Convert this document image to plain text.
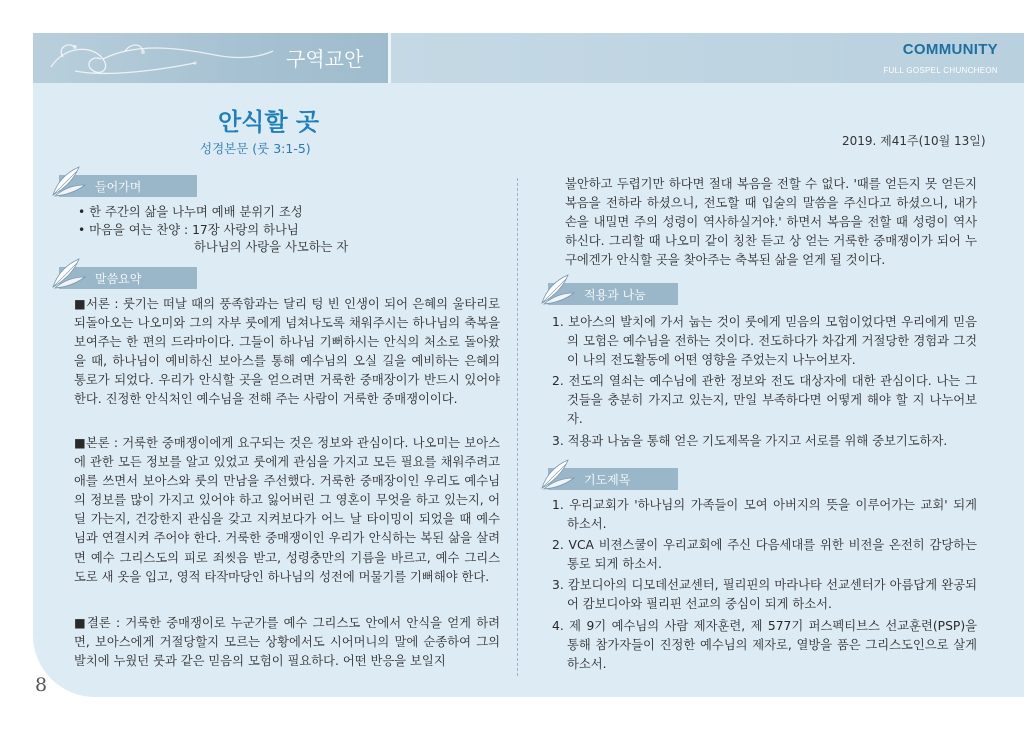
구역교안	COMMUNITY
FULL GOSPEL CHUNCHEON
안식할 곳
성경본문 (룻 3:1-5)	2019. 제41주(10월 13일)
들어가며

• 한 주간의 삶을 나누며 예배 분위기 조성

• 마음을 여는 찬양 : 17장 사랑의 하나님

하나님의 사랑을 사모하는 자

말씀요약

■서론 : 룻기는 떠날 때의 풍족함과는 달리 텅 빈 인생이 되어 은혜의 울타리로 되돌아오는 나오미와 그의 자부 룻에게 넘쳐나도록 채워주시는 하나님의 축복을 보여주는 한 편의 드라마이다. 그들이 하나님 기뻐하시는 안식의 처소로 돌아왔을 때, 하나님이 예비하신 보아스를 통해 예수님의 오실 길을 예비하는 은혜의 통로가 되었다. 우리가 안식할 곳을 얻으려면 거룩한 중매장이가 반드시 있어야 한다. 진정한 안식처인 예수님을 전해 주는 사람이 거룩한 중매쟁이이다.

■본론 : 거룩한 중매쟁이에게 요구되는 것은 정보와 관심이다. 나오미는 보아스에 관한 모든 정보를 알고 있었고 룻에게 관심을 가지고 모든 필요를 채워주려고 애를 쓰면서 보아스와 룻의 만남을 주선했다. 거룩한 중매장이인 우리도 예수님의 정보를 많이 가지고 있어야 하고 잃어버린 그 영혼이 무엇을 하고 있는지, 어딜 가는지, 건강한지 관심을 갖고 지켜보다가 어느 날 타이밍이 되었을 때 예수님과 연결시켜 주어야 한다. 거룩한 중매쟁이인 우리가 안식하는 복된 삶을 살려면 예수 그리스도의 피로 죄씻음 받고, 성령충만의 기름을 바르고, 예수 그리스도로 새 옷을 입고, 영적 타작마당인 하나님의 성전에 머물기를 기뻐해야 한다.

■결론 : 거룩한 중매쟁이로 누군가를 예수 그리스도 안에서 안식을 얻게 하려면, 보아스에게 거절당할지 모르는 상황에서도 시어머니의 말에 순종하여 그의 발치에 누웠던 룻과 같은 믿음의 모험이 필요하다. 어떤 반응을 보일지

불안하고 두렵기만 하다면 절대 복음을 전할 수 없다. '때를 얻든지 못 얻든지 복음을 전하라 하셨으니, 전도할 때 입술의 말씀을 주신다고 하셨으니, 내가 손을 내밀면 주의 성령이 역사하실거야.' 하면서 복음을 전할 때 성령이 역사하신다. 그리할 때 나오미 같이 칭찬 듣고 상 얻는 거룩한 중매쟁이가 되어 누구에겐가 안식할 곳을 찾아주는 축복된 삶을 얻게 될 것이다.

적용과 나눔

1. 보아스의 발치에 가서 눕는 것이 룻에게 믿음의 모험이었다면 우리에게 믿음의 모험은 예수님을 전하는 것이다. 전도하다가 차갑게 거절당한 경험과 그것이 나의 전도활동에 어떤 영향을 주었는지 나누어보자.

2. 전도의 열쇠는 예수님에 관한 정보와 전도 대상자에 대한 관심이다. 나는 그것들을 충분히 가지고 있는지, 만일 부족하다면 어떻게 해야 할 지 나누어보자.

3. 적용과 나눔을 통해 얻은 기도제목을 가지고 서로를 위해 중보기도하자.

기도제목

1. 우리교회가 '하나님의 가족들이 모여 아버지의 뜻을 이루어가는 교회' 되게 하소서.

2. VCA 비젼스쿨이 우리교회에 주신 다음세대를 위한 비전을 온전히 감당하는 통로 되게 하소서.

3. 캄보디아의 디모데선교센터, 필리핀의 마라나타 선교센터가 아름답게 완공되어 캄보디아와 필리핀 선교의 중심이 되게 하소서.

4. 제 9기 예수님의 사람 제자훈련, 제 577기 퍼스펙티브스 선교훈련(PSP)을 통해 참가자들이 진정한 예수님의 제자로, 열방을 품은 그리스도인으로 살게 하소서.

8
